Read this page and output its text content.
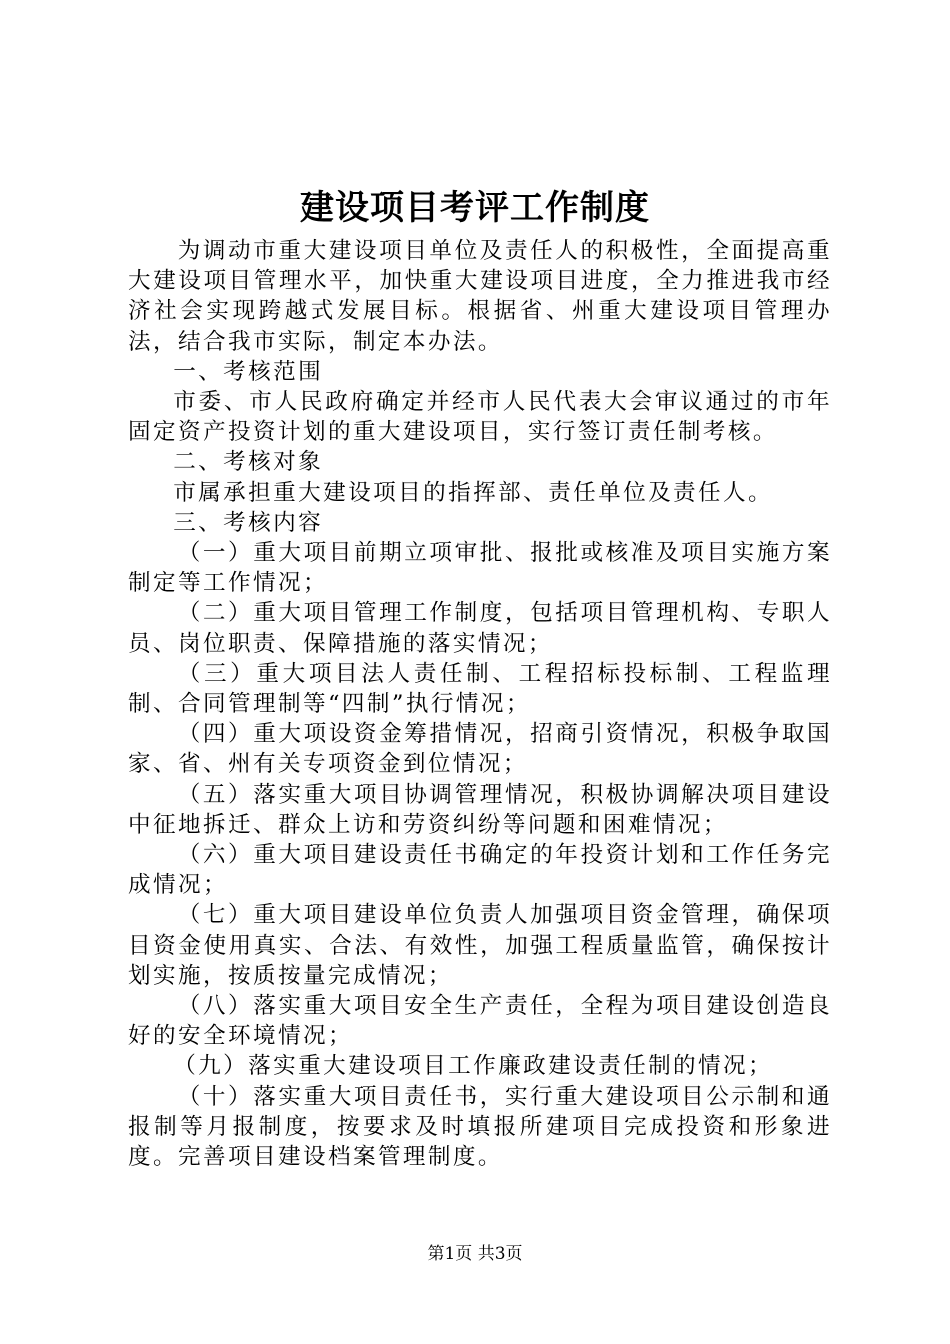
建设项目考评工作制度

为调动市重大建设项目单位及责任人的积极性，全面提高重大建设项目管理水平，加快重大建设项目进度，全力推进我市经济社会实现跨越式发展目标。根据省、州重大建设项目管理办法，结合我市实际，制定本办法。

一、考核范围

市委、市人民政府确定并经市人民代表大会审议通过的市年固定资产投资计划的重大建设项目，实行签订责任制考核。

二、考核对象

市属承担重大建设项目的指挥部、责任单位及责任人。

三、考核内容

（一）重大项目前期立项审批、报批或核准及项目实施方案制定等工作情况；

（二）重大项目管理工作制度，包括项目管理机构、专职人员、岗位职责、保障措施的落实情况；

（三）重大项目法人责任制、工程招标投标制、工程监理制、合同管理制等“四制”执行情况；

（四）重大项设资金筹措情况，招商引资情况，积极争取国家、省、州有关专项资金到位情况；

（五）落实重大项目协调管理情况，积极协调解决项目建设中征地拆迁、群众上访和劳资纠纷等问题和困难情况；

（六）重大项目建设责任书确定的年投资计划和工作任务完成情况；

（七）重大项目建设单位负责人加强项目资金管理，确保项目资金使用真实、合法、有效性，加强工程质量监管，确保按计划实施，按质按量完成情况；

（八）落实重大项目安全生产责任，全程为项目建设创造良好的安全环境情况；

（九）落实重大建设项目工作廉政建设责任制的情况；

（十）落实重大项目责任书，实行重大建设项目公示制和通报制等月报制度，按要求及时填报所建项目完成投资和形象进度。完善项目建设档案管理制度。

第1页 共3页
